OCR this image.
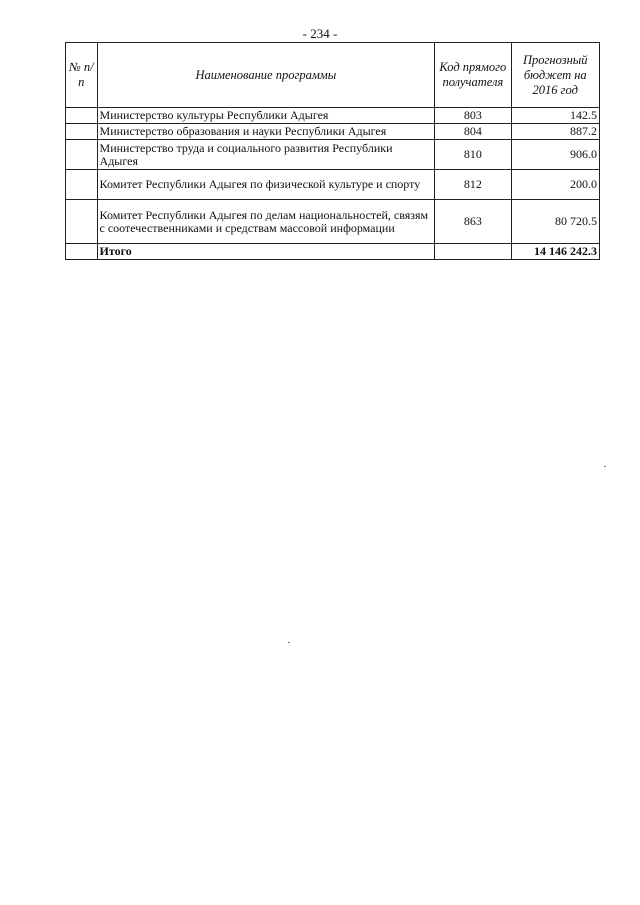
- 234 -
№ п/п	Наименование программы	Код прямого получателя	Прогнозный бюджет на 2016 год
	Министерство культуры Республики Адыгея	803	142.5
	Министерство образования и науки Республики Адыгея	804	887.2
	Министерство труда и социального развития Республики Адыгея	810	906.0
	Комитет Республики Адыгея по физической культуре и спорту	812	200.0
	Комитет Республики Адыгея по делам национальностей, связям с соотечественниками и средствам массовой информации	863	80 720.5
	Итого		14 146 242.3
